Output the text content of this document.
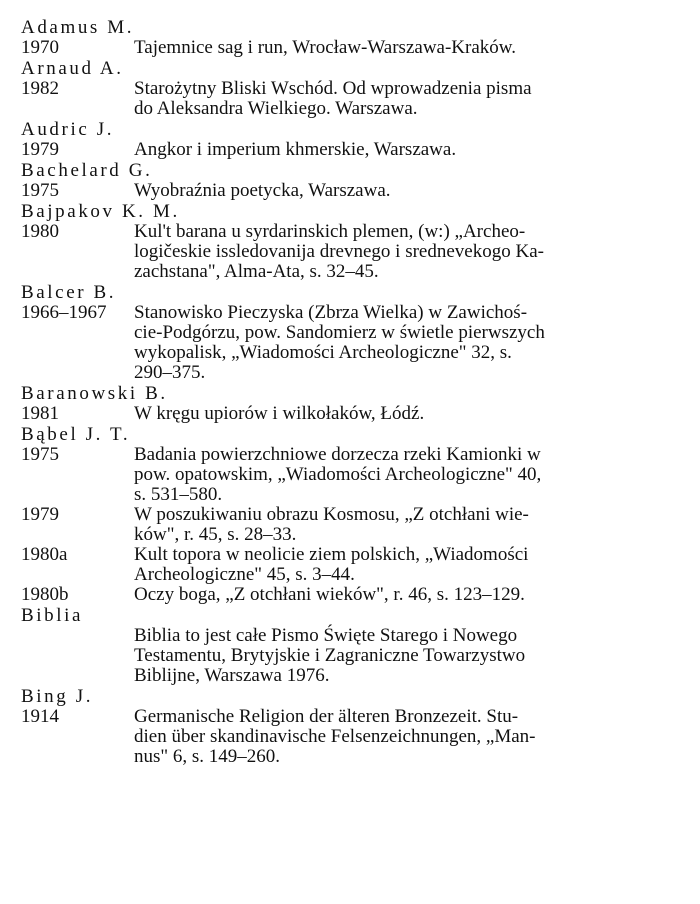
Adamus M.
1970	Tajemnice sag i run, Wrocław-Warszawa-Kraków.
Arnaud A.
1982	Starożytny Bliski Wschód. Od wprowadzenia pisma
do Aleksandra Wielkiego. Warszawa.
Audric J.
1979	Angkor i imperium khmerskie, Warszawa.
Bachelard G.
1975	Wyobraźnia poetycka, Warszawa.
Bajpakov K. M.
1980	Kul't barana u syrdarinskich plemen, (w:) „Archeo-
logičeskie issledovanija drevnego i srednevekogo Ka-
zachstana", Alma-Ata, s. 32–45.
Balcer B.
1966–1967	Stanowisko Pieczyska (Zbrza Wielka) w Zawichoś-
cie-Podgórzu, pow. Sandomierz w świetle pierwszych
wykopalisk, „Wiadomości Archeologiczne" 32, s.
290–375.
Baranowski B.
1981	W kręgu upiorów i wilkołaków, Łódź.
Bąbel J. T.
1975	Badania powierzchniowe dorzecza rzeki Kamionki w
pow. opatowskim, „Wiadomości Archeologiczne" 40,
s. 531–580.
1979	W poszukiwaniu obrazu Kosmosu, „Z otchłani wie-
ków", r. 45, s. 28–33.
1980a	Kult topora w neolicie ziem polskich, „Wiadomości
Archeologiczne" 45, s. 3–44.
1980b	Oczy boga, „Z otchłani wieków", r. 46, s. 123–129.
Biblia
Biblia to jest całe Pismo Święte Starego i Nowego
Testamentu, Brytyjskie i Zagraniczne Towarzystwo
Biblijne, Warszawa 1976.
Bing J.
1914	Germanische Religion der älteren Bronzezeit. Stu-
dien über skandinavische Felsenzeichnungen, „Man-
nus" 6, s. 149–260.
